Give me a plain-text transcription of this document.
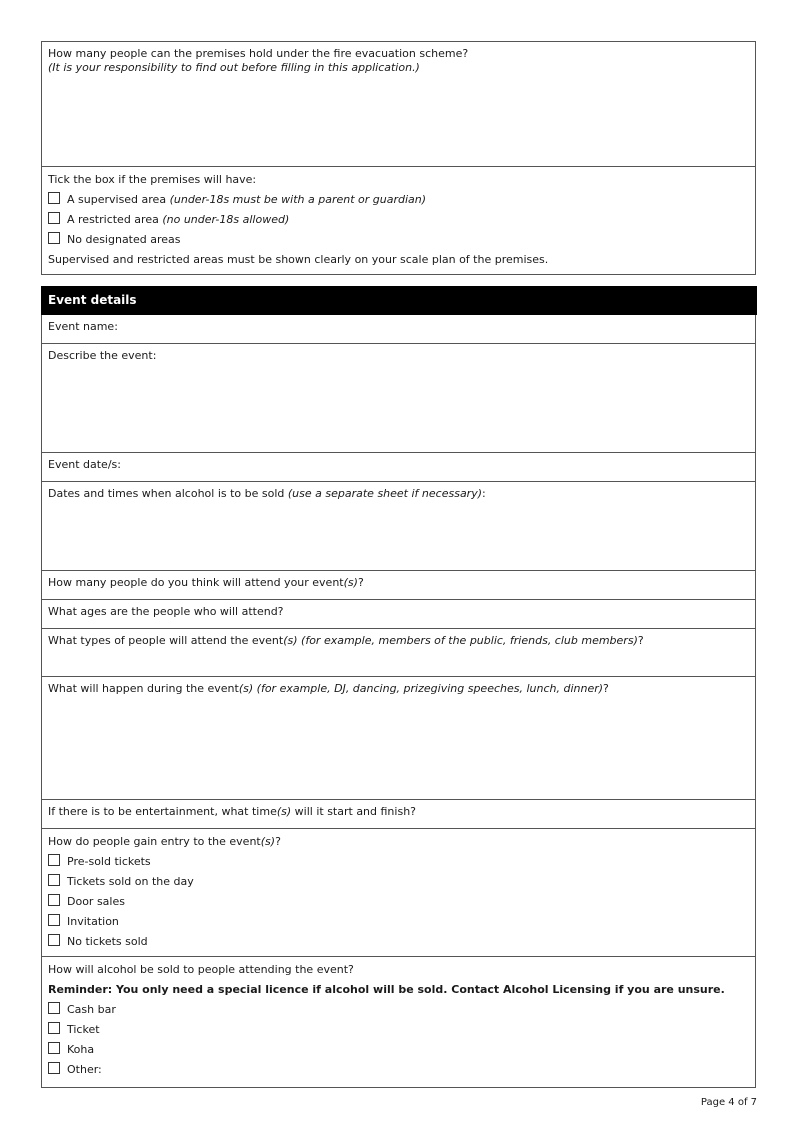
How many people can the premises hold under the fire evacuation scheme?
(It is your responsibility to find out before filling in this application.)
Tick the box if the premises will have:
A supervised area (under-18s must be with a parent or guardian)
A restricted area (no under-18s allowed)
No designated areas
Supervised and restricted areas must be shown clearly on your scale plan of the premises.
Event details
Event name:
Describe the event:
Event date/s:
Dates and times when alcohol is to be sold (use a separate sheet if necessary):
How many people do you think will attend your event(s)?
What ages are the people who will attend?
What types of people will attend the event(s) (for example, members of the public, friends, club members)?
What will happen during the event(s) (for example, DJ, dancing, prizegiving speeches, lunch, dinner)?
If there is to be entertainment, what time(s) will it start and finish?
How do people gain entry to the event(s)?
Pre-sold tickets
Tickets sold on the day
Door sales
Invitation
No tickets sold
How will alcohol be sold to people attending the event?
Reminder: You only need a special licence if alcohol will be sold. Contact Alcohol Licensing if you are unsure.
Cash bar
Ticket
Koha
Other:
Page 4 of 7
